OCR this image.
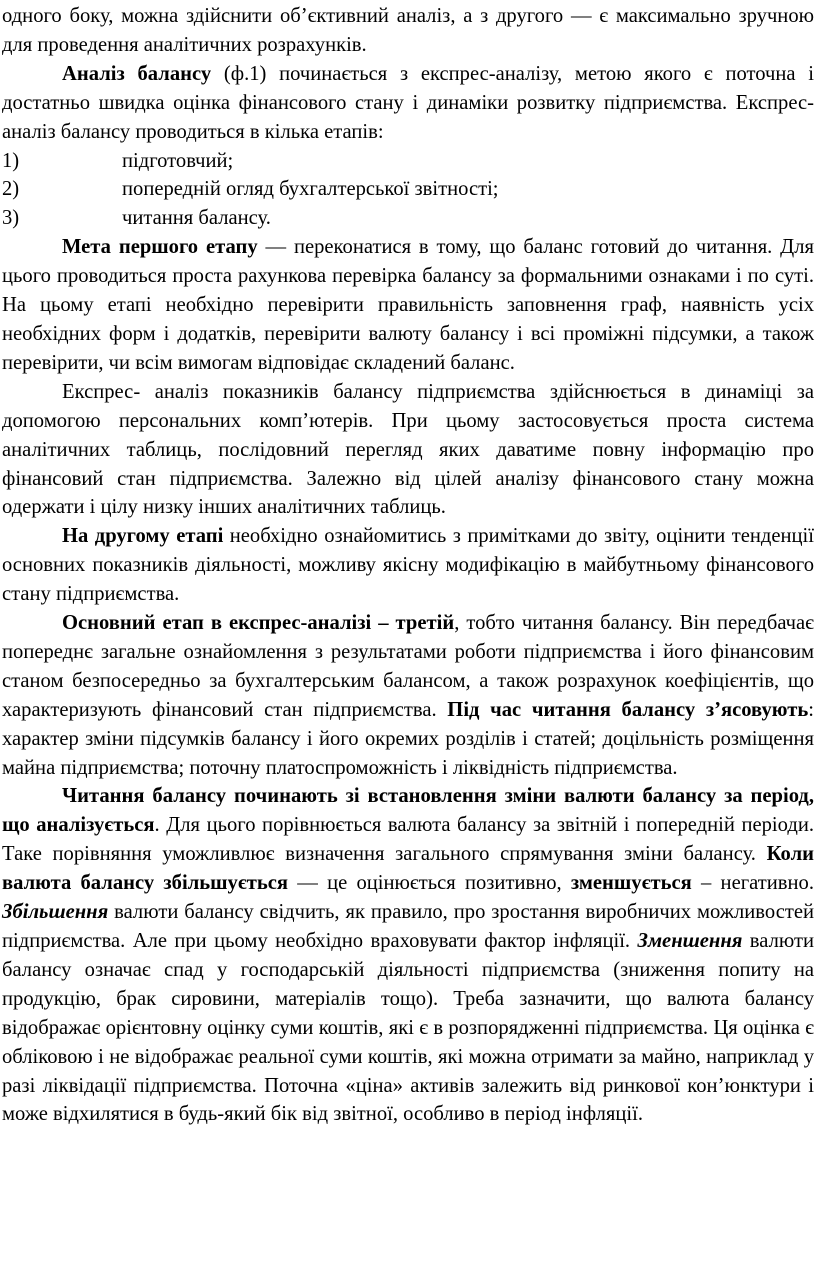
одного боку, можна здійснити об’єктивний аналіз, а з другого — є максимально зручною для проведення аналітичних розрахунків.

Аналіз балансу (ф.1) починається з експрес-аналізу, метою якого є поточна і достатньо швидка оцінка фінансового стану і динаміки розвитку підприємства. Експрес-аналіз балансу проводиться в кілька етапів:

1)	підготовчий;
2)	попередній огляд бухгалтерської звітності;
3)	читання балансу.

Мета першого етапу — переконатися в тому, що баланс готовий до читання. Для цього проводиться проста рахункова перевірка балансу за формальними ознаками і по суті. На цьому етапі необхідно перевірити правильність заповнення граф, наявність усіх необхідних форм і додатків, перевірити валюту балансу і всі проміжні підсумки, а також перевірити, чи всім вимогам відповідає складений баланс.

Експрес- аналіз показників балансу підприємства здійснюється в динаміці за допомогою персональних комп’ютерів. При цьому застосовується проста система аналітичних таблиць, послідовний перегляд яких даватиме повну інформацію про фінансовий стан підприємства. Залежно від цілей аналізу фінансового стану можна одержати і цілу низку інших аналітичних таблиць.

На другому етапі необхідно ознайомитись з примітками до звіту, оцінити тенденції основних показників діяльності, можливу якісну модифікацію в майбутньому фінансового стану підприємства.

Основний етап в експрес-аналізі – третій, тобто читання балансу. Він передбачає попереднє загальне ознайомлення з результатами роботи підприємства і його фінансовим станом безпосередньо за бухгалтерським балансом, а також розрахунок коефіцієнтів, що характеризують фінансовий стан підприємства. Під час читання балансу з’ясовують: характер зміни підсумків балансу і його окремих розділів і статей; доцільність розміщення майна підприємства; поточну платоспроможність і ліквідність підприємства.

Читання балансу починають зі встановлення зміни валюти балансу за період, що аналізується. Для цього порівнюється валюта балансу за звітній і попередній періоди. Таке порівняння уможливлює визначення загального спрямування зміни балансу. Коли валюта балансу збільшується — це оцінюється позитивно, зменшується – негативно. Збільшення валюти балансу свідчить, як правило, про зростання виробничих можливостей підприємства. Але при цьому необхідно враховувати фактор інфляції. Зменшення валюти балансу означає спад у господарській діяльності підприємства (зниження попиту на продукцію, брак сировини, матеріалів тощо). Треба зазначити, що валюта балансу відображає орієнтовну оцінку суми коштів, які є в розпорядженні підприємства. Ця оцінка є обліковою і не відображає реальної суми коштів, які можна отримати за майно, наприклад у разі ліквідації підприємства. Поточна «ціна» активів залежить від ринкової кон’юнктури і може відхилятися в будь-який бік від звітної, особливо в період інфляції.
